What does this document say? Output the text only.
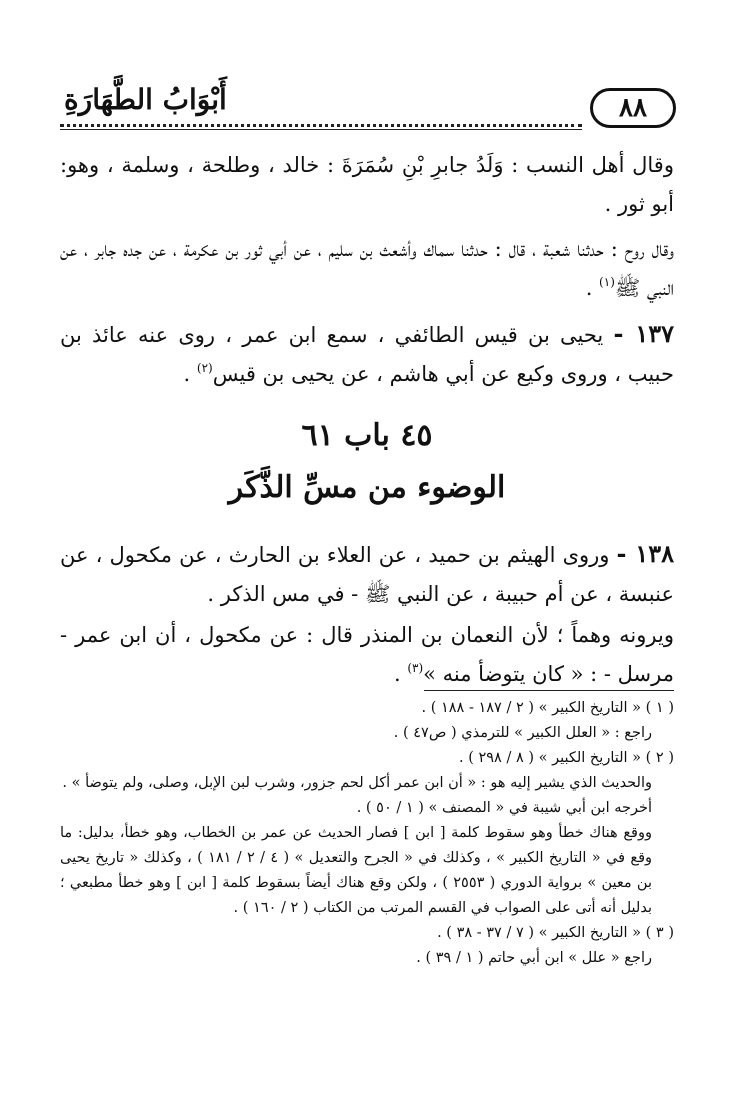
أَبْوَابُ الطَّهَارَةِ	٨٨

وقال أهل النسب : وَلَدُ جابرِ بْنِ سُمَرَةَ : خالد ، وطلحة ، وسلمة ، وهو: أبو ثور .

وقال روح : حدثنا شعبة ، قال : حدثنا سماك وأشعث بن سليم ، عن أبي ثور بن عكرمة ، عن جده جابر ، عن النبي ﷺ$^{(١)}$ .

١٣٧ - يحيى بن قيس الطائفي ، سمع ابن عمر ، روى عنه عائذ بن حبيب ، وروى وكيع عن أبي هاشم ، عن يحيى بن قيس$^{(٢)}$ .

٤٥ باب ٦١
الوضوء من مسِّ الذَّكَر

١٣٨ - وروى الهيثم بن حميد ، عن العلاء بن الحارث ، عن مكحول ، عن عنبسة ، عن أم حبيبة ، عن النبي ﷺ - في مس الذكر .

ويرونه وهماً ؛ لأن النعمان بن المنذر قال : عن مكحول ، أن ابن عمر - مرسل - : « كان يتوضأ منه »$^{(٣)}$ .

( ١ ) « التاريخ الكبير » ( ٢ / ١٨٧ - ١٨٨ ) .
راجع : « العلل الكبير » للترمذي ( ص٤٧ ) .
( ٢ ) « التاريخ الكبير » ( ٨ / ٢٩٨ ) .
والحديث الذي يشير إليه هو : « أن ابن عمر أكل لحم جزور، وشرب لبن الإبل، وصلى، ولم يتوضأ » .
أخرجه ابن أبي شيبة في « المصنف » ( ١ / ٥٠ ) .
ووقع هناك خطأ وهو سقوط كلمة [ ابن ] فصار الحديث عن عمر بن الخطاب، وهو خطأ، بدليل: ما وقع في « التاريخ الكبير » ، وكذلك في « الجرح والتعديل » ( ٤ / ٢ / ١٨١ ) ، وكذلك « تاريخ يحيى بن معين » برواية الدوري ( ٢٥٥٣ ) ، ولكن وقع هناك أيضاً بسقوط كلمة [ ابن ] وهو خطأ مطبعي ؛ بدليل أنه أتى على الصواب في القسم المرتب من الكتاب ( ٢ / ١٦٠ ) .
( ٣ ) « التاريخ الكبير » ( ٧ / ٣٧ - ٣٨ ) .
راجع « علل » ابن أبي حاتم ( ١ / ٣٩ ) .
